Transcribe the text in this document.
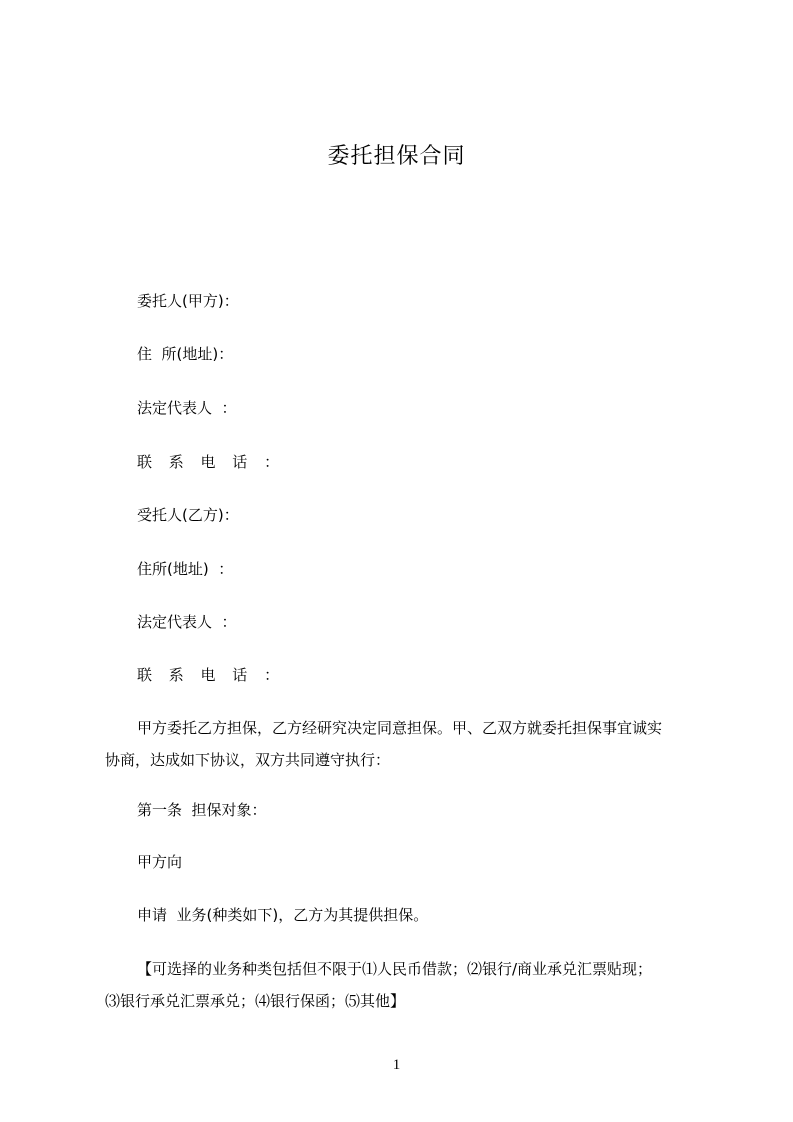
委托担保合同
委托人(甲方)：
住  所(地址)：
法定代表人  ：
联 系 电 话 ：
受托人(乙方)：
住所(地址)  ：
法定代表人  ：
联 系 电 话 ：
甲方委托乙方担保，乙方经研究决定同意担保。甲、乙双方就委托担保事宜诚实
协商，达成如下协议，双方共同遵守执行：
第一条  担保对象：
甲方向
申请  业务(种类如下)，乙方为其提供担保。
【可选择的业务种类包括但不限于⑴人民币借款；⑵银行/商业承兑汇票贴现；
⑶银行承兑汇票承兑；⑷银行保函；⑸其他】
1
